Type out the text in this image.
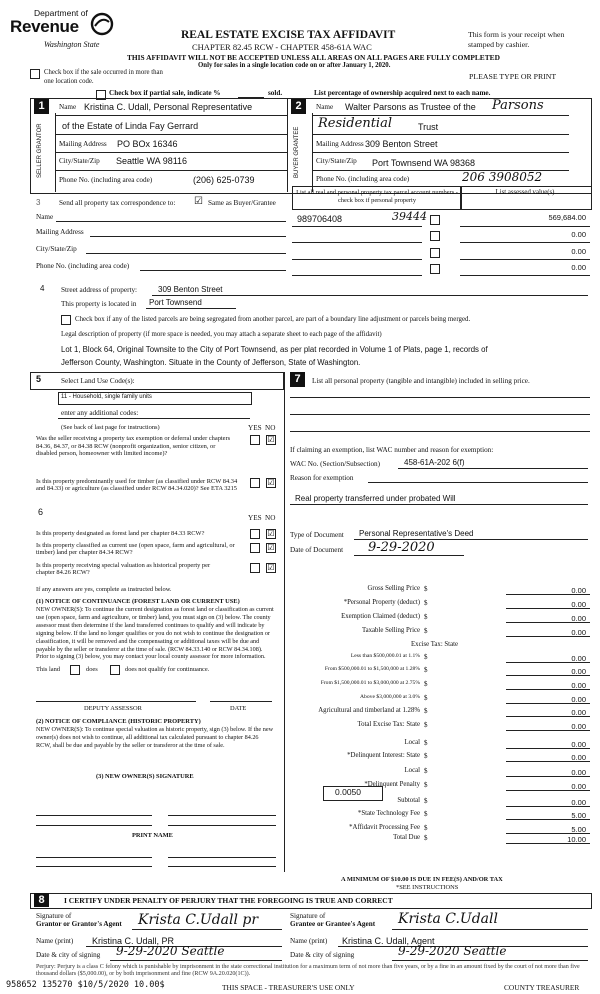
Department of
Revenue
Washington State
REAL ESTATE EXCISE TAX AFFIDAVIT
CHAPTER 82.45 RCW - CHAPTER 458-61A WAC
This form is your receipt when stamped by cashier.
THIS AFFIDAVIT WILL NOT BE ACCEPTED UNLESS ALL AREAS ON ALL PAGES ARE FULLY COMPLETED
Only for sales in a single location code on or after January 1, 2020.
PLEASE TYPE OR PRINT
Check box if the sale occurred in more than one location code.
Check box if partial sale, indicate %	sold.	List percentage of ownership acquired next to each name.
1
SELLER GRANTOR
Name Kristina C. Udall, Personal Representative
of the Estate of Linda Fay Gerrard
Mailing Address PO BOx 16346
City/State/Zip Seattle WA 98116
Phone No. (including area code)	(206) 625-0739
2
BUYER GRANTEE
Name Walter Parsons as Trustee of the Parsons
Residential	Trust
Mailing Address 309 Benton Street
City/State/Zip Port Townsend WA 98368
Phone No. (including area code)	206 3908052
3	Send all property tax correspondence to: ☑ Same as Buyer/Grantee
Name
Mailing Address
City/State/Zip
Phone No. (including area code)
List all real and personal property tax parcel account numbers - check box if personal property
List assessed value(s)
989706408	39444	569,684.00
0.00
0.00
0.00
4 Street address of property:	309 Benton Street
This property is located in Port Townsend
Check box if any of the listed parcels are being segregated from another parcel, are part of a boundary line adjustment or parcels being merged.
Legal description of property (if more space is needed, you may attach a separate sheet to each page of the affidavit)
Lot 1, Block 64, Original Townsite to the City of Port Townsend, as per plat recorded in Volume 1 of Plats, page 1, records of
Jefferson County, Washington. Situate in the County of Jefferson, State of Washington.
5	Select Land Use Code(s):
11 - Household, single family units
enter any additional codes:
(See back of last page for instructions)	YES NO
Was the seller receiving a property tax exemption or deferral under chapters 84.36, 84.37, or 84.38 RCW (nonprofit organization, senior citizen, or disabled person, homeowner with limited income)?
☑
Is this property predominantly used for timber (as classified under RCW 84.34 and 84.33) or agriculture (as classified under RCW 84.34.020)? See ETA 3215
☑
6
YES NO
Is this property designated as forest land per chapter 84.33 RCW?	☑
Is this property classified as current use (open space, farm and agricultural, or timber) land per chapter 84.34 RCW?
☑
Is this property receiving special valuation as historical property per chapter 84.26 RCW?
☑
If any answers are yes, complete as instructed below.
(1) NOTICE OF CONTINUANCE (FOREST LAND OR CURRENT USE)
NEW OWNER(S): To continue the current designation as forest land or classification as current use (open space, farm and agriculture, or timber) land, you must sign on (3) below. The county assessor must then determine if the land transferred continues to qualify and will indicate by signing below. If the land no longer qualifies or you do not wish to continue the designation or classification, it will be removed and the compensating or additional taxes will be due and payable by the seller or transferor at the time of sale. (RCW 84.33.140 or RCW 84.34.108). Prior to signing (3) below, you may contact your local county assessor for more information.
This land	does	does not qualify for continuance.
DEPUTY ASSESSOR	DATE
(2) NOTICE OF COMPLIANCE (HISTORIC PROPERTY)
NEW OWNER(S): To continue special valuation as historic property, sign (3) below. If the new owner(s) does not wish to continue, all additional tax calculated pursuant to chapter 84.26 RCW, shall be due and payable by the seller or transferor at the time of sale.
(3) NEW OWNER(S) SIGNATURE
PRINT NAME
7	List all personal property (tangible and intangible) included in selling price.
If claiming an exemption, list WAC number and reason for exemption:
WAC No. (Section/Subsection)	458-61A-202 6(f)
Reason for exemption
Real property transferred under probated Will
Type of Document Personal Representative's Deed
Date of Document 9-29-2020
Gross Selling Price $	0.00
*Personal Property (deduct) $	0.00
Exemption Claimed (deduct) $	0.00
Taxable Selling Price $	0.00
Excise Tax: State
Less than $500,000.01 at 1.1% $	0.00
From $500,000.01 to $1,500,000 at 1.28% $	0.00
From $1,500,000.01 to $3,000,000 at 2.75% $	0.00
Above $3,000,000 at 3.0% $	0.00
Agricultural and timberland at 1.28% $	0.00
Total Excise Tax: State $	0.00
Local $	0.00
*Delinquent Interest: State $	0.00
Local $	0.00
*Delinquent Penalty $	0.00
Subtotal $	0.00
*State Technology Fee $	5.00
*Affidavit Processing Fee $	5.00
Total Due $	10.00
0.0050
A MINIMUM OF $10.00 IS DUE IN FEE(S) AND/OR TAX
*SEE INSTRUCTIONS
8	I CERTIFY UNDER PENALTY OF PERJURY THAT THE FOREGOING IS TRUE AND CORRECT
Signature of
Grantor or Grantor's Agent Krista C.Udall pr
Name (print) Kristina C. Udall, PR
Date & city of signing 9-29-2020 Seattle
Signature of
Grantee or Grantee's Agent Krista C.Udall
Name (print) Kristina C. Udall, Agent
Date & city of signing	9-29-2020 Seattle
Perjury: Perjury is a class C felony which is punishable by imprisonment in the state correctional institution for a maximum term of not more than five years, or by a fine in an amount fixed by the court of not more than five thousand dollars ($5,000.00), or by both imprisonment and fine (RCW 9A.20.020(1C)).
958652 135270 $10/5/2020 10.00$	THIS SPACE - TREASURER'S USE ONLY	COUNTY TREASURER
